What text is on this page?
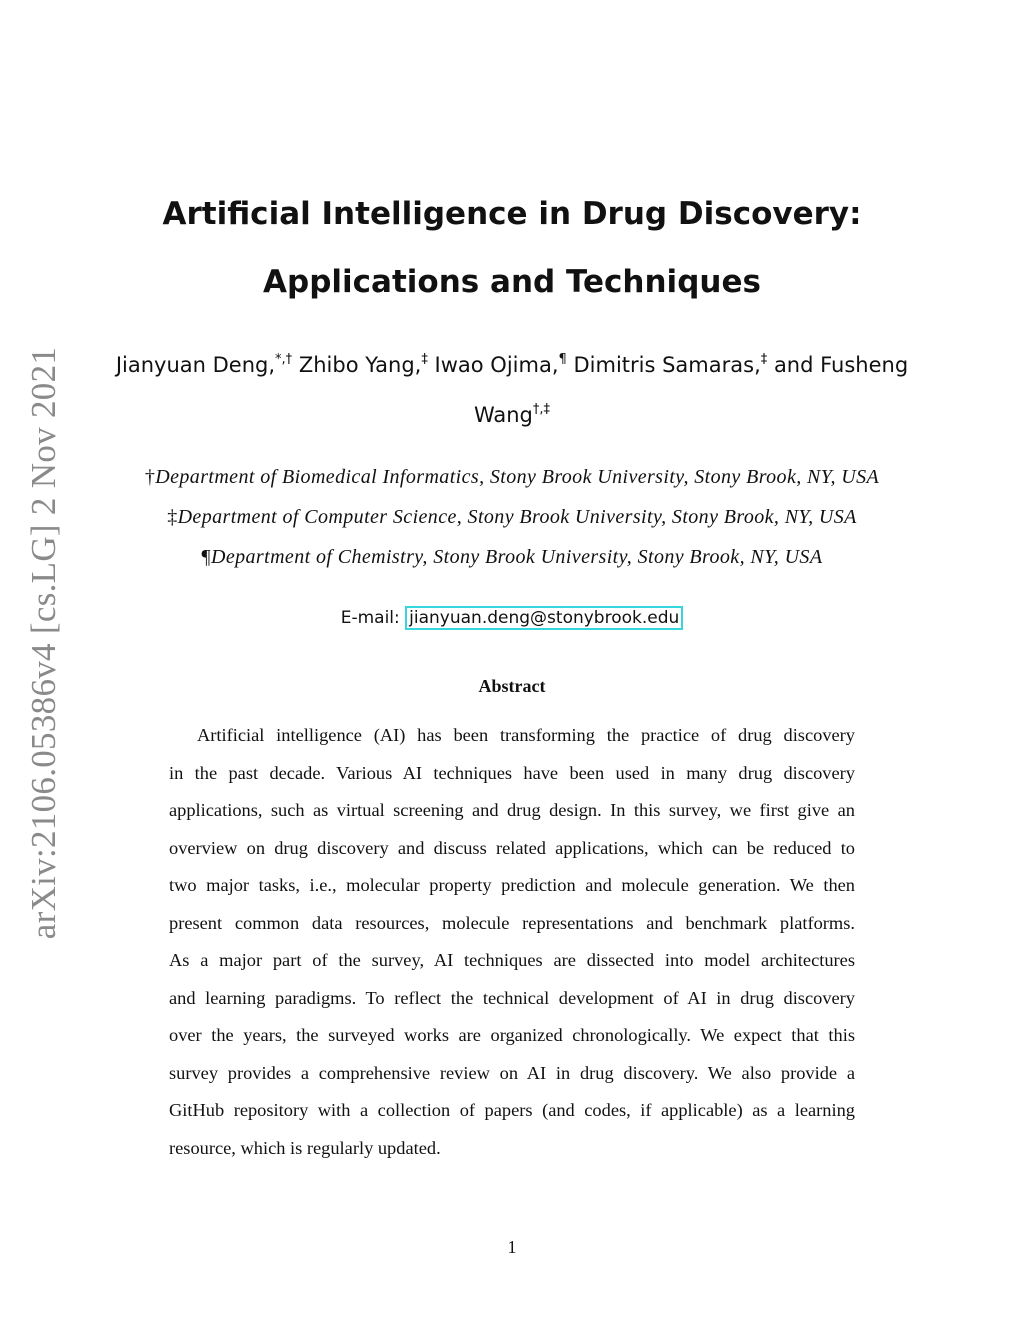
arXiv:2106.05386v4 [cs.LG] 2 Nov 2021
Artificial Intelligence in Drug Discovery:
Applications and Techniques
Jianyuan Deng,*,† Zhibo Yang,‡ Iwao Ojima,¶ Dimitris Samaras,‡ and Fusheng
Wang†,‡
†Department of Biomedical Informatics, Stony Brook University, Stony Brook, NY, USA
‡Department of Computer Science, Stony Brook University, Stony Brook, NY, USA
¶Department of Chemistry, Stony Brook University, Stony Brook, NY, USA
E-mail: jianyuan.deng@stonybrook.edu
Abstract
Artificial intelligence (AI) has been transforming the practice of drug discovery
in the past decade. Various AI techniques have been used in many drug discovery
applications, such as virtual screening and drug design. In this survey, we first give an
overview on drug discovery and discuss related applications, which can be reduced to
two major tasks, i.e., molecular property prediction and molecule generation. We then
present common data resources, molecule representations and benchmark platforms.
As a major part of the survey, AI techniques are dissected into model architectures
and learning paradigms. To reflect the technical development of AI in drug discovery
over the years, the surveyed works are organized chronologically. We expect that this
survey provides a comprehensive review on AI in drug discovery. We also provide a
GitHub repository with a collection of papers (and codes, if applicable) as a learning
resource, which is regularly updated.
1
